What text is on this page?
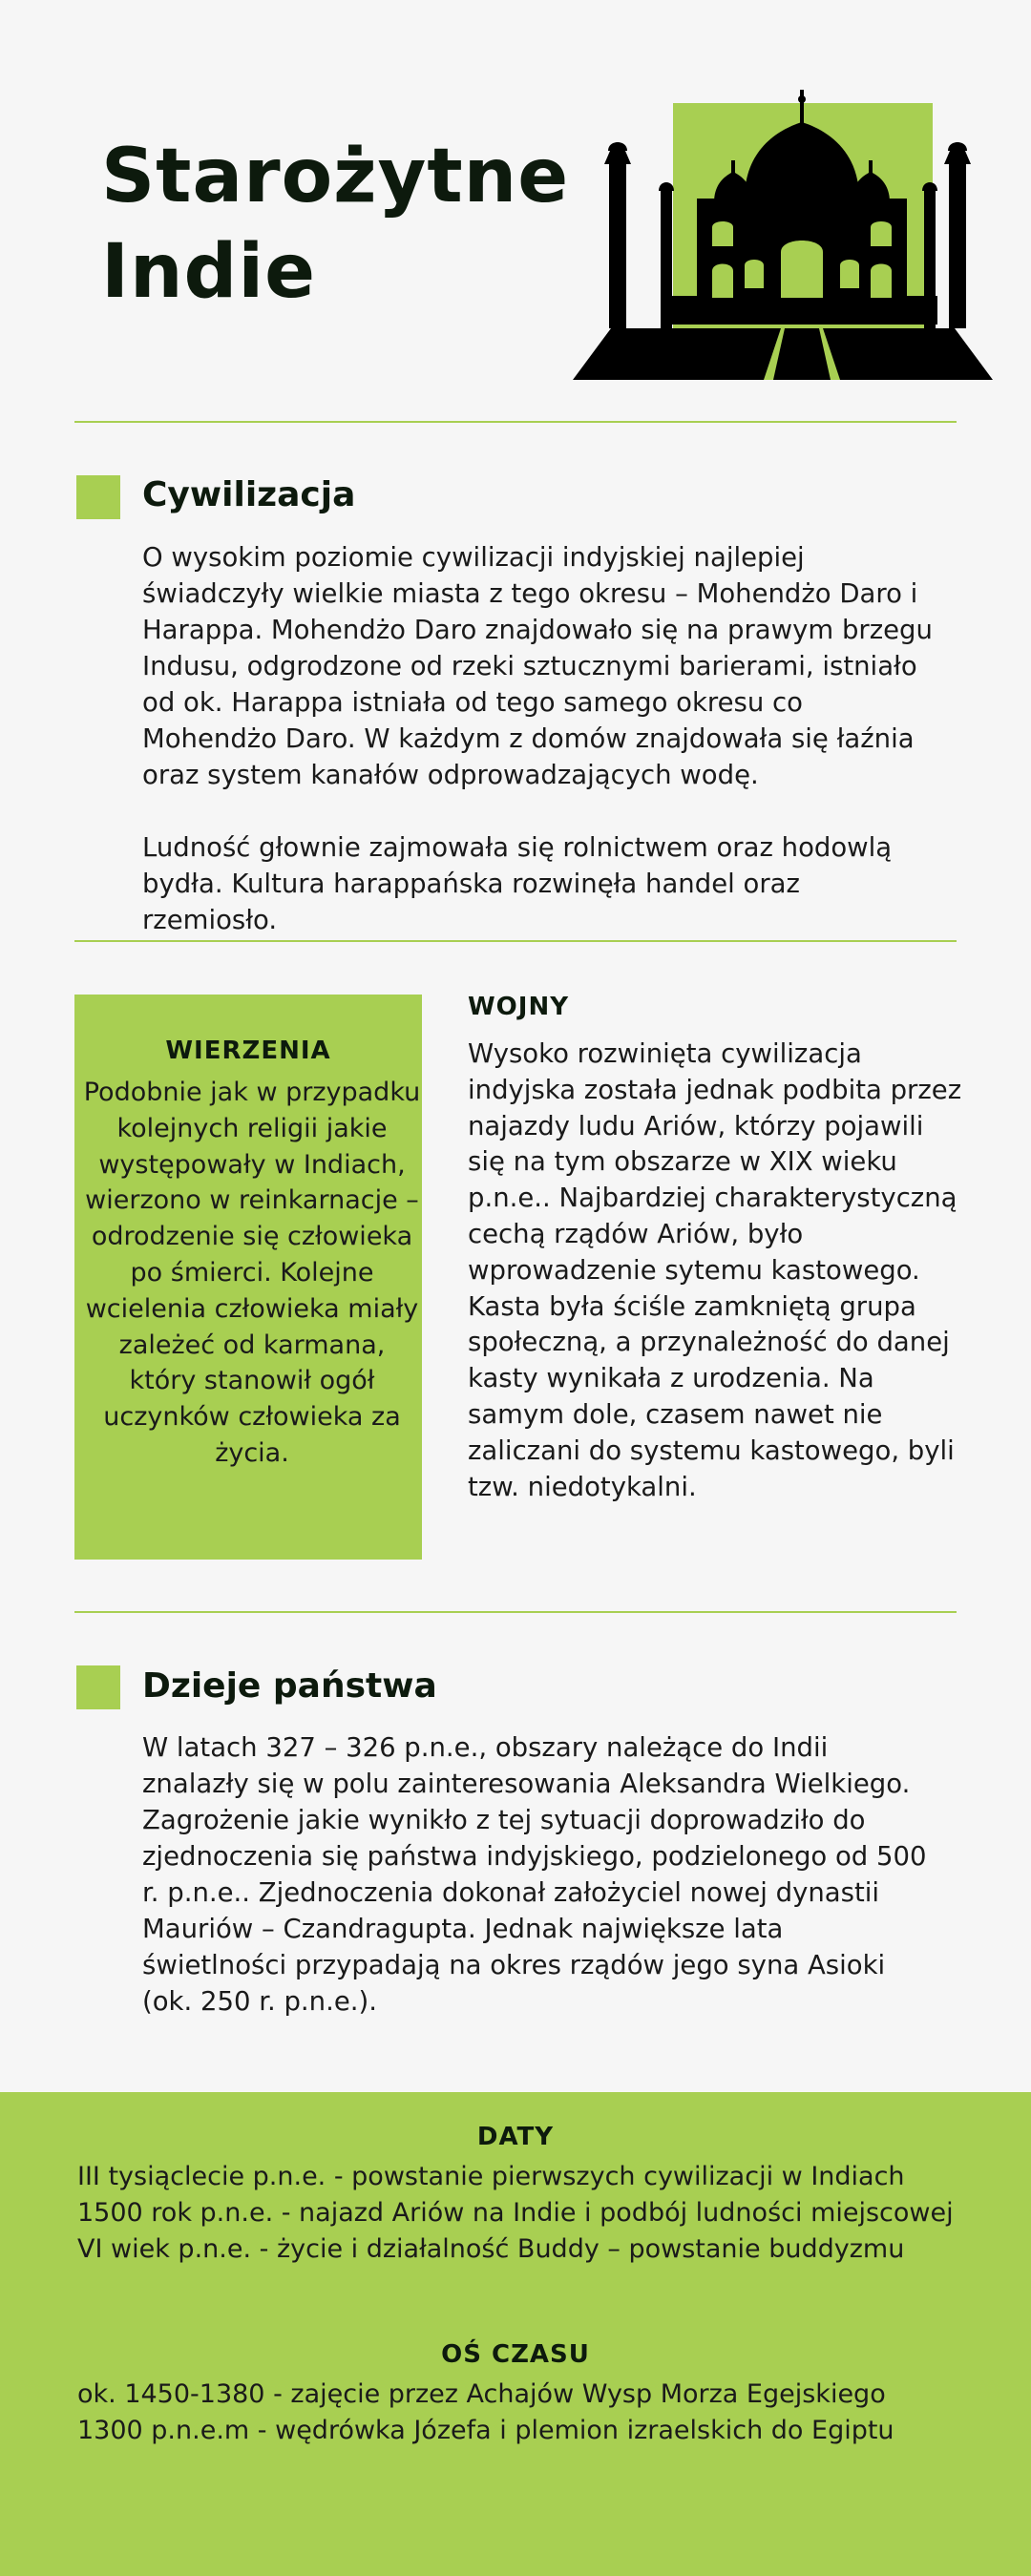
Starożytne
Indie
Cywilizacja

O wysokim poziomie cywilizacji indyjskiej najlepiej świadczyły wielkie miasta z tego okresu – Mohendżo Daro i Harappa. Mohendżo Daro znajdowało się na prawym brzegu Indusu, odgrodzone od rzeki sztucznymi barierami, istniało od ok. Harappa istniała od tego samego okresu co Mohendżo Daro. W każdym z domów znajdowała się łaźnia oraz system kanałów odprowadzających wodę.

Ludność głownie zajmowała się rolnictwem oraz hodowlą bydła. Kultura harappańska rozwinęła handel oraz rzemiosło.

WIERZENIA
Podobnie jak w przypadku kolejnych religii jakie występowały w Indiach, wierzono w reinkarnacje – odrodzenie się człowieka po śmierci. Kolejne wcielenia człowieka miały zależeć od karmana, który stanowił ogół uczynków człowieka za życia.
WOJNY
Wysoko rozwinięta cywilizacja indyjska została jednak podbita przez najazdy ludu Ariów, którzy pojawili się na tym obszarze w XIX wieku p.n.e.. Najbardziej charakterystyczną cechą rządów Ariów, było wprowadzenie sytemu kastowego. Kasta była ściśle zamkniętą grupa społeczną, a przynależność do danej kasty wynikała z urodzenia. Na samym dole, czasem nawet nie zaliczani do systemu kastowego, byli tzw. niedotykalni.
Dzieje państwa
W latach 327 – 326 p.n.e., obszary należące do Indii znalazły się w polu zainteresowania Aleksandra Wielkiego. Zagrożenie jakie wynikło z tej sytuacji doprowadziło do zjednoczenia się państwa indyjskiego, podzielonego od 500 r. p.n.e.. Zjednoczenia dokonał założyciel nowej dynastii Mauriów – Czandragupta. Jednak największe lata świetlności przypadają na okres rządów jego syna Asioki (ok. 250 r. p.n.e.).
DATY
III tysiąclecie p.n.e. - powstanie pierwszych cywilizacji w Indiach
1500 rok p.n.e. - najazd Ariów na Indie i podbój ludności miejscowej
VI wiek p.n.e. - życie i działalność Buddy – powstanie buddyzmu
OŚ CZASU
ok. 1450-1380 - zajęcie przez Achajów Wysp Morza Egejskiego
1300 p.n.e.m - wędrówka Józefa i plemion izraelskich do Egiptu
